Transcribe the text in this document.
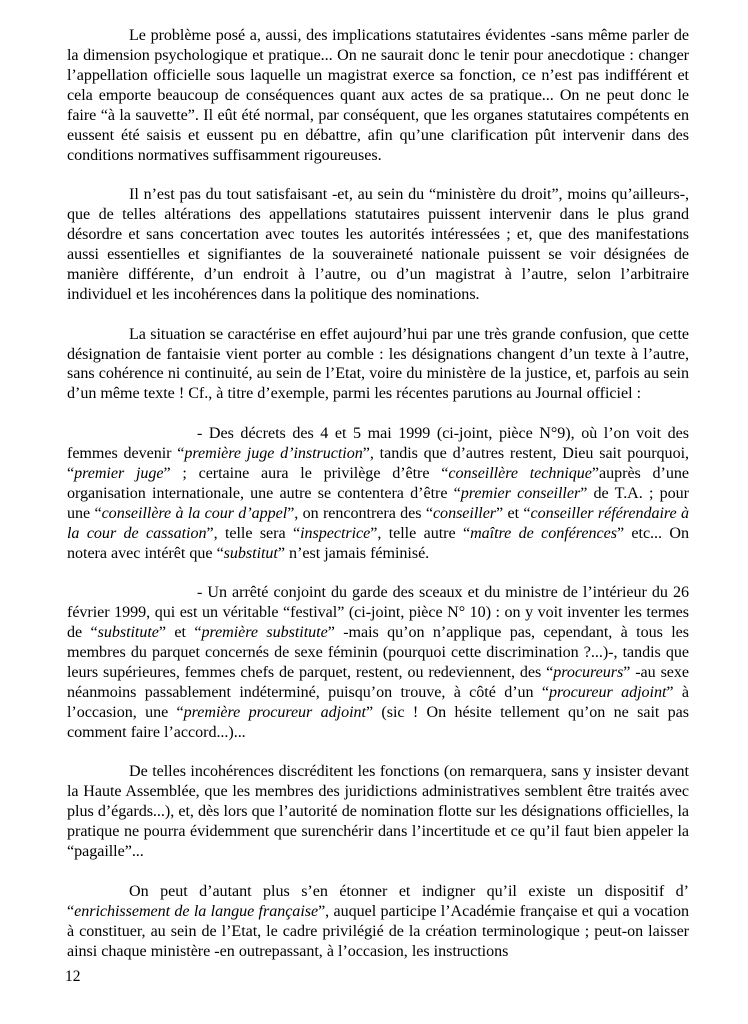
Le problème posé a, aussi, des implications statutaires évidentes -sans même parler de la dimension psychologique et pratique... On ne saurait donc le tenir pour anecdotique : changer l’appellation officielle sous laquelle un magistrat exerce sa fonction, ce n’est pas indifférent et cela emporte beaucoup de conséquences quant aux actes de sa pratique... On ne peut donc le faire “à la sauvette”. Il eût été normal, par conséquent, que les organes statutaires compétents en eussent été saisis et eussent pu en débattre, afin qu’une clarification pût intervenir dans des conditions normatives suffisamment rigoureuses.

Il n’est pas du tout satisfaisant -et, au sein du “ministère du droit”, moins qu’ailleurs-, que de telles altérations des appellations statutaires puissent intervenir dans le plus grand désordre et sans concertation avec toutes les autorités intéressées ; et, que des manifestations aussi essentielles et signifiantes de la souveraineté nationale puissent se voir désignées de manière différente, d’un endroit à l’autre, ou d’un magistrat à l’autre, selon l’arbitraire individuel et les incohérences dans la politique des nominations.

La situation se caractérise en effet aujourd’hui par une très grande confusion, que cette désignation de fantaisie vient porter au comble : les désignations changent d’un texte à l’autre, sans cohérence ni continuité, au sein de l’Etat, voire du ministère de la justice, et, parfois au sein d’un même texte ! Cf., à titre d’exemple, parmi les récentes parutions au Journal officiel :

- Des décrets des 4 et 5 mai 1999 (ci-joint, pièce N°9), où l’on voit des femmes devenir “première juge d’instruction”, tandis que d’autres restent, Dieu sait pourquoi, “premier juge” ; certaine aura le privilège d’être “conseillère technique”auprès d’une organisation internationale, une autre se contentera d’être “premier conseiller” de T.A. ; pour une “conseillère à la cour d’appel”, on rencontrera des “conseiller” et “conseiller référendaire à la cour de cassation”, telle sera “inspectrice”, telle autre “maître de conférences” etc... On notera avec intérêt que “substitut” n’est jamais féminisé.

- Un arrêté conjoint du garde des sceaux et du ministre de l’intérieur du 26 février 1999, qui est un véritable “festival” (ci-joint, pièce N° 10) : on y voit inventer les termes de “substitute” et “première substitute” -mais qu’on n’applique pas, cependant, à tous les membres du parquet concernés de sexe féminin (pourquoi cette discrimination ?...)-, tandis que leurs supérieures, femmes chefs de parquet, restent, ou redeviennent, des “procureurs” -au sexe néanmoins passablement indéterminé, puisqu’on trouve, à côté d’un “procureur adjoint” à l’occasion, une “première procureur adjoint” (sic ! On hésite tellement qu’on ne sait pas comment faire l’accord...)...

De telles incohérences discréditent les fonctions (on remarquera, sans y insister devant la Haute Assemblée, que les membres des juridictions administratives semblent être traités avec plus d’égards...), et, dès lors que l’autorité de nomination flotte sur les désignations officielles, la pratique ne pourra évidemment que surenchérir dans l’incertitude et ce qu’il faut bien appeler la “pagaille”...

On peut d’autant plus s’en étonner et indigner qu’il existe un dispositif d’ “enrichissement de la langue française”, auquel participe l’Académie française et qui a vocation à constituer, au sein de l’Etat, le cadre privilégié de la création terminologique ; peut-on laisser ainsi chaque ministère -en outrepassant, à l’occasion, les instructions

12
